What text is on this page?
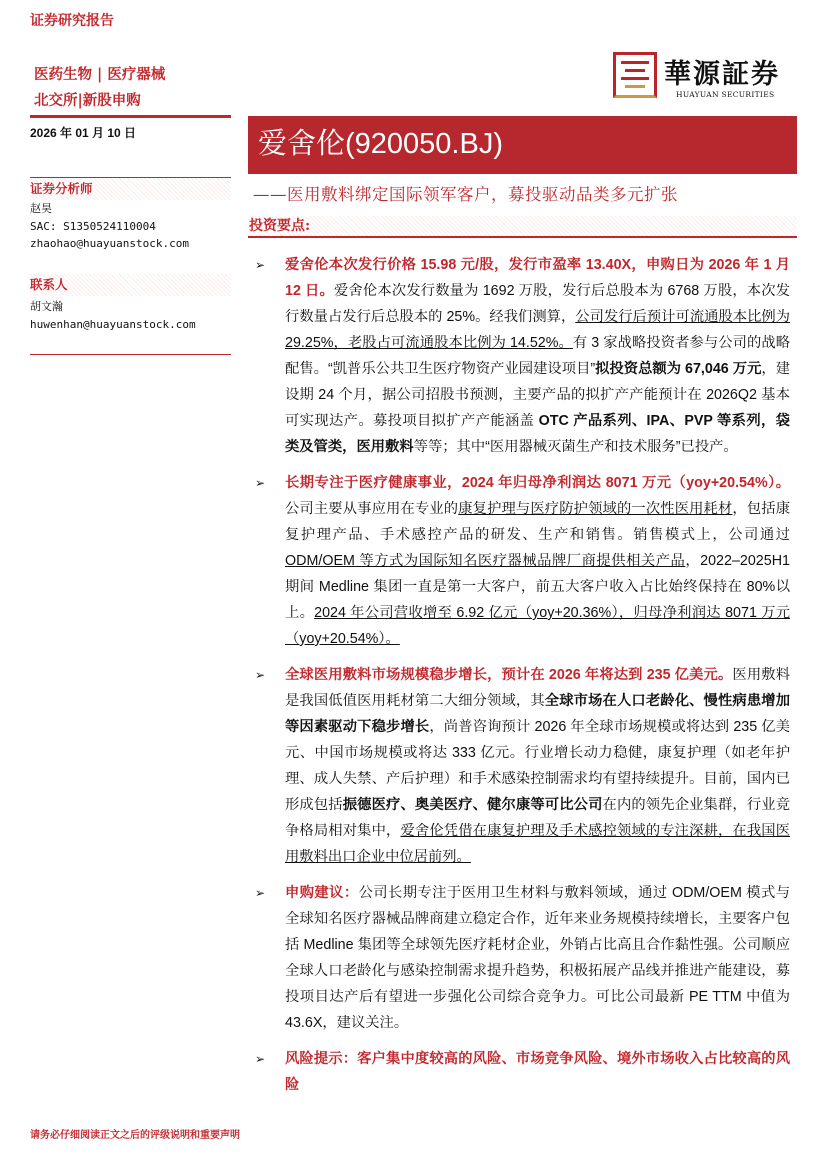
证券研究报告
医药生物 | 医疗器械
北交所|新股申购
華源証券
HUAYUAN SECURITIES
2026 年 01 月 10 日
证券分析师
赵昊
SAC: S1350524110004
zhaohao@huayuanstock.com
联系人
胡文瀚
huwenhan@huayuanstock.com
爱舍伦(920050.BJ)
——医用敷料绑定国际领军客户，募投驱动品类多元扩张
投资要点:
➢ 爱舍伦本次发行价格 15.98 元/股，发行市盈率 13.40X，申购日为 2026 年 1 月 12 日。爱舍伦本次发行数量为 1692 万股，发行后总股本为 6768 万股，本次发行数量占发行后总股本的 25%。经我们测算，公司发行后预计可流通股本比例为 29.25%，老股占可流通股本比例为 14.52%。有 3 家战略投资者参与公司的战略配售。“凯普乐公共卫生医疗物资产业园建设项目”拟投资总额为 67,046 万元，建设期 24 个月，据公司招股书预测，主要产品的拟扩产产能预计在 2026Q2 基本可实现达产。募投项目拟扩产产能涵盖 OTC 产品系列、IPA、PVP 等系列，袋类及管类，医用敷料等等；其中“医用器械灭菌生产和技术服务”已投产。
➢ 长期专注于医疗健康事业，2024 年归母净利润达 8071 万元（yoy+20.54%）。公司主要从事应用在专业的康复护理与医疗防护领域的一次性医用耗材，包括康复护理产品、手术感控产品的研发、生产和销售。销售模式上，公司通过 ODM/OEM 等方式为国际知名医疗器械品牌厂商提供相关产品，2022–2025H1 期间 Medline 集团一直是第一大客户，前五大客户收入占比始终保持在 80%以上。2024 年公司营收增至 6.92 亿元（yoy+20.36%），归母净利润达 8071 万元（yoy+20.54%）。
➢ 全球医用敷料市场规模稳步增长，预计在 2026 年将达到 235 亿美元。医用敷料是我国低值医用耗材第二大细分领域，其全球市场在人口老龄化、慢性病患增加等因素驱动下稳步增长，尚普咨询预计 2026 年全球市场规模或将达到 235 亿美元、中国市场规模或将达 333 亿元。行业增长动力稳健，康复护理（如老年护理、成人失禁、产后护理）和手术感染控制需求均有望持续提升。目前，国内已形成包括振德医疗、奥美医疗、健尔康等可比公司在内的领先企业集群，行业竞争格局相对集中，爱舍伦凭借在康复护理及手术感控领域的专注深耕，在我国医用敷料出口企业中位居前列。
➢ 申购建议：公司长期专注于医用卫生材料与敷料领域，通过 ODM/OEM 模式与全球知名医疗器械品牌商建立稳定合作，近年来业务规模持续增长，主要客户包括 Medline 集团等全球领先医疗耗材企业，外销占比高且合作黏性强。公司顺应全球人口老龄化与感染控制需求提升趋势，积极拓展产品线并推进产能建设，募投项目达产后有望进一步强化公司综合竞争力。可比公司最新 PE TTM 中值为 43.6X，建议关注。
➢ 风险提示：客户集中度较高的风险、市场竞争风险、境外市场收入占比较高的风险
请务必仔细阅读正文之后的评级说明和重要声明
